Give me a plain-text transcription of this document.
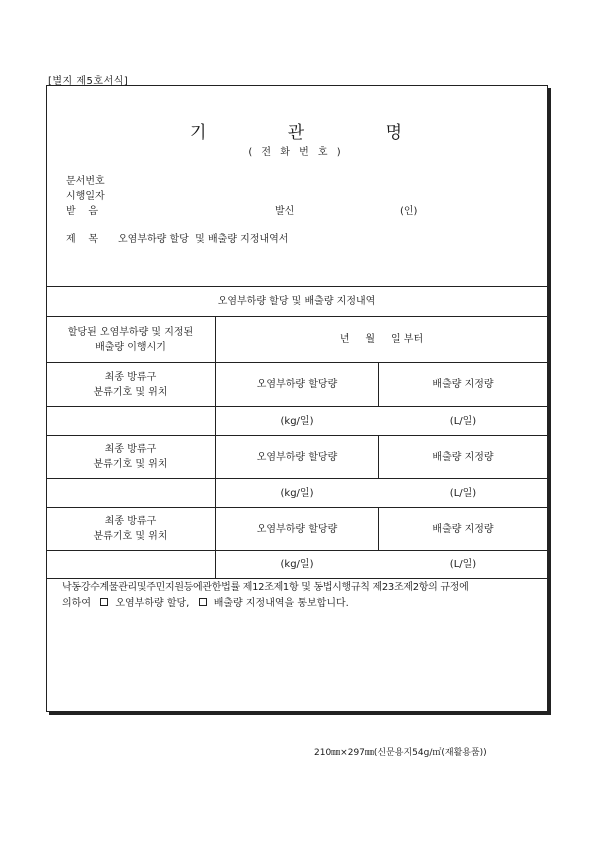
[별지 제5호서식]
기 관 명
( 전 화 번 호 )
문서번호
시행일자
받    음	발신	(인)
제    목 오염부하량 할당  및 배출량 지정내역서
오염부하량 할당 및 배출량 지정내역
할당된 오염부하량 및 지정된
배출량 이행시기
년     월     일 부터
최종 방류구
분류기호 및 위치
오염부하량 할당량	배출량 지정량
(kg/일)	(L/일)
최종 방류구
분류기호 및 위치
오염부하량 할당량	배출량 지정량
(kg/일)	(L/일)
최종 방류구
분류기호 및 위치
오염부하량 할당량	배출량 지정량
(kg/일)	(L/일)
낙동강수계물관리및주민지원등에관한법률 제12조제1항 및 동법시행규칙 제23조제2항의 규정에
의하여 오염부하량 할당, 배출량 지정내역을 통보합니다.
210㎜×297㎜(신문용지54g/㎡(재활용품))
